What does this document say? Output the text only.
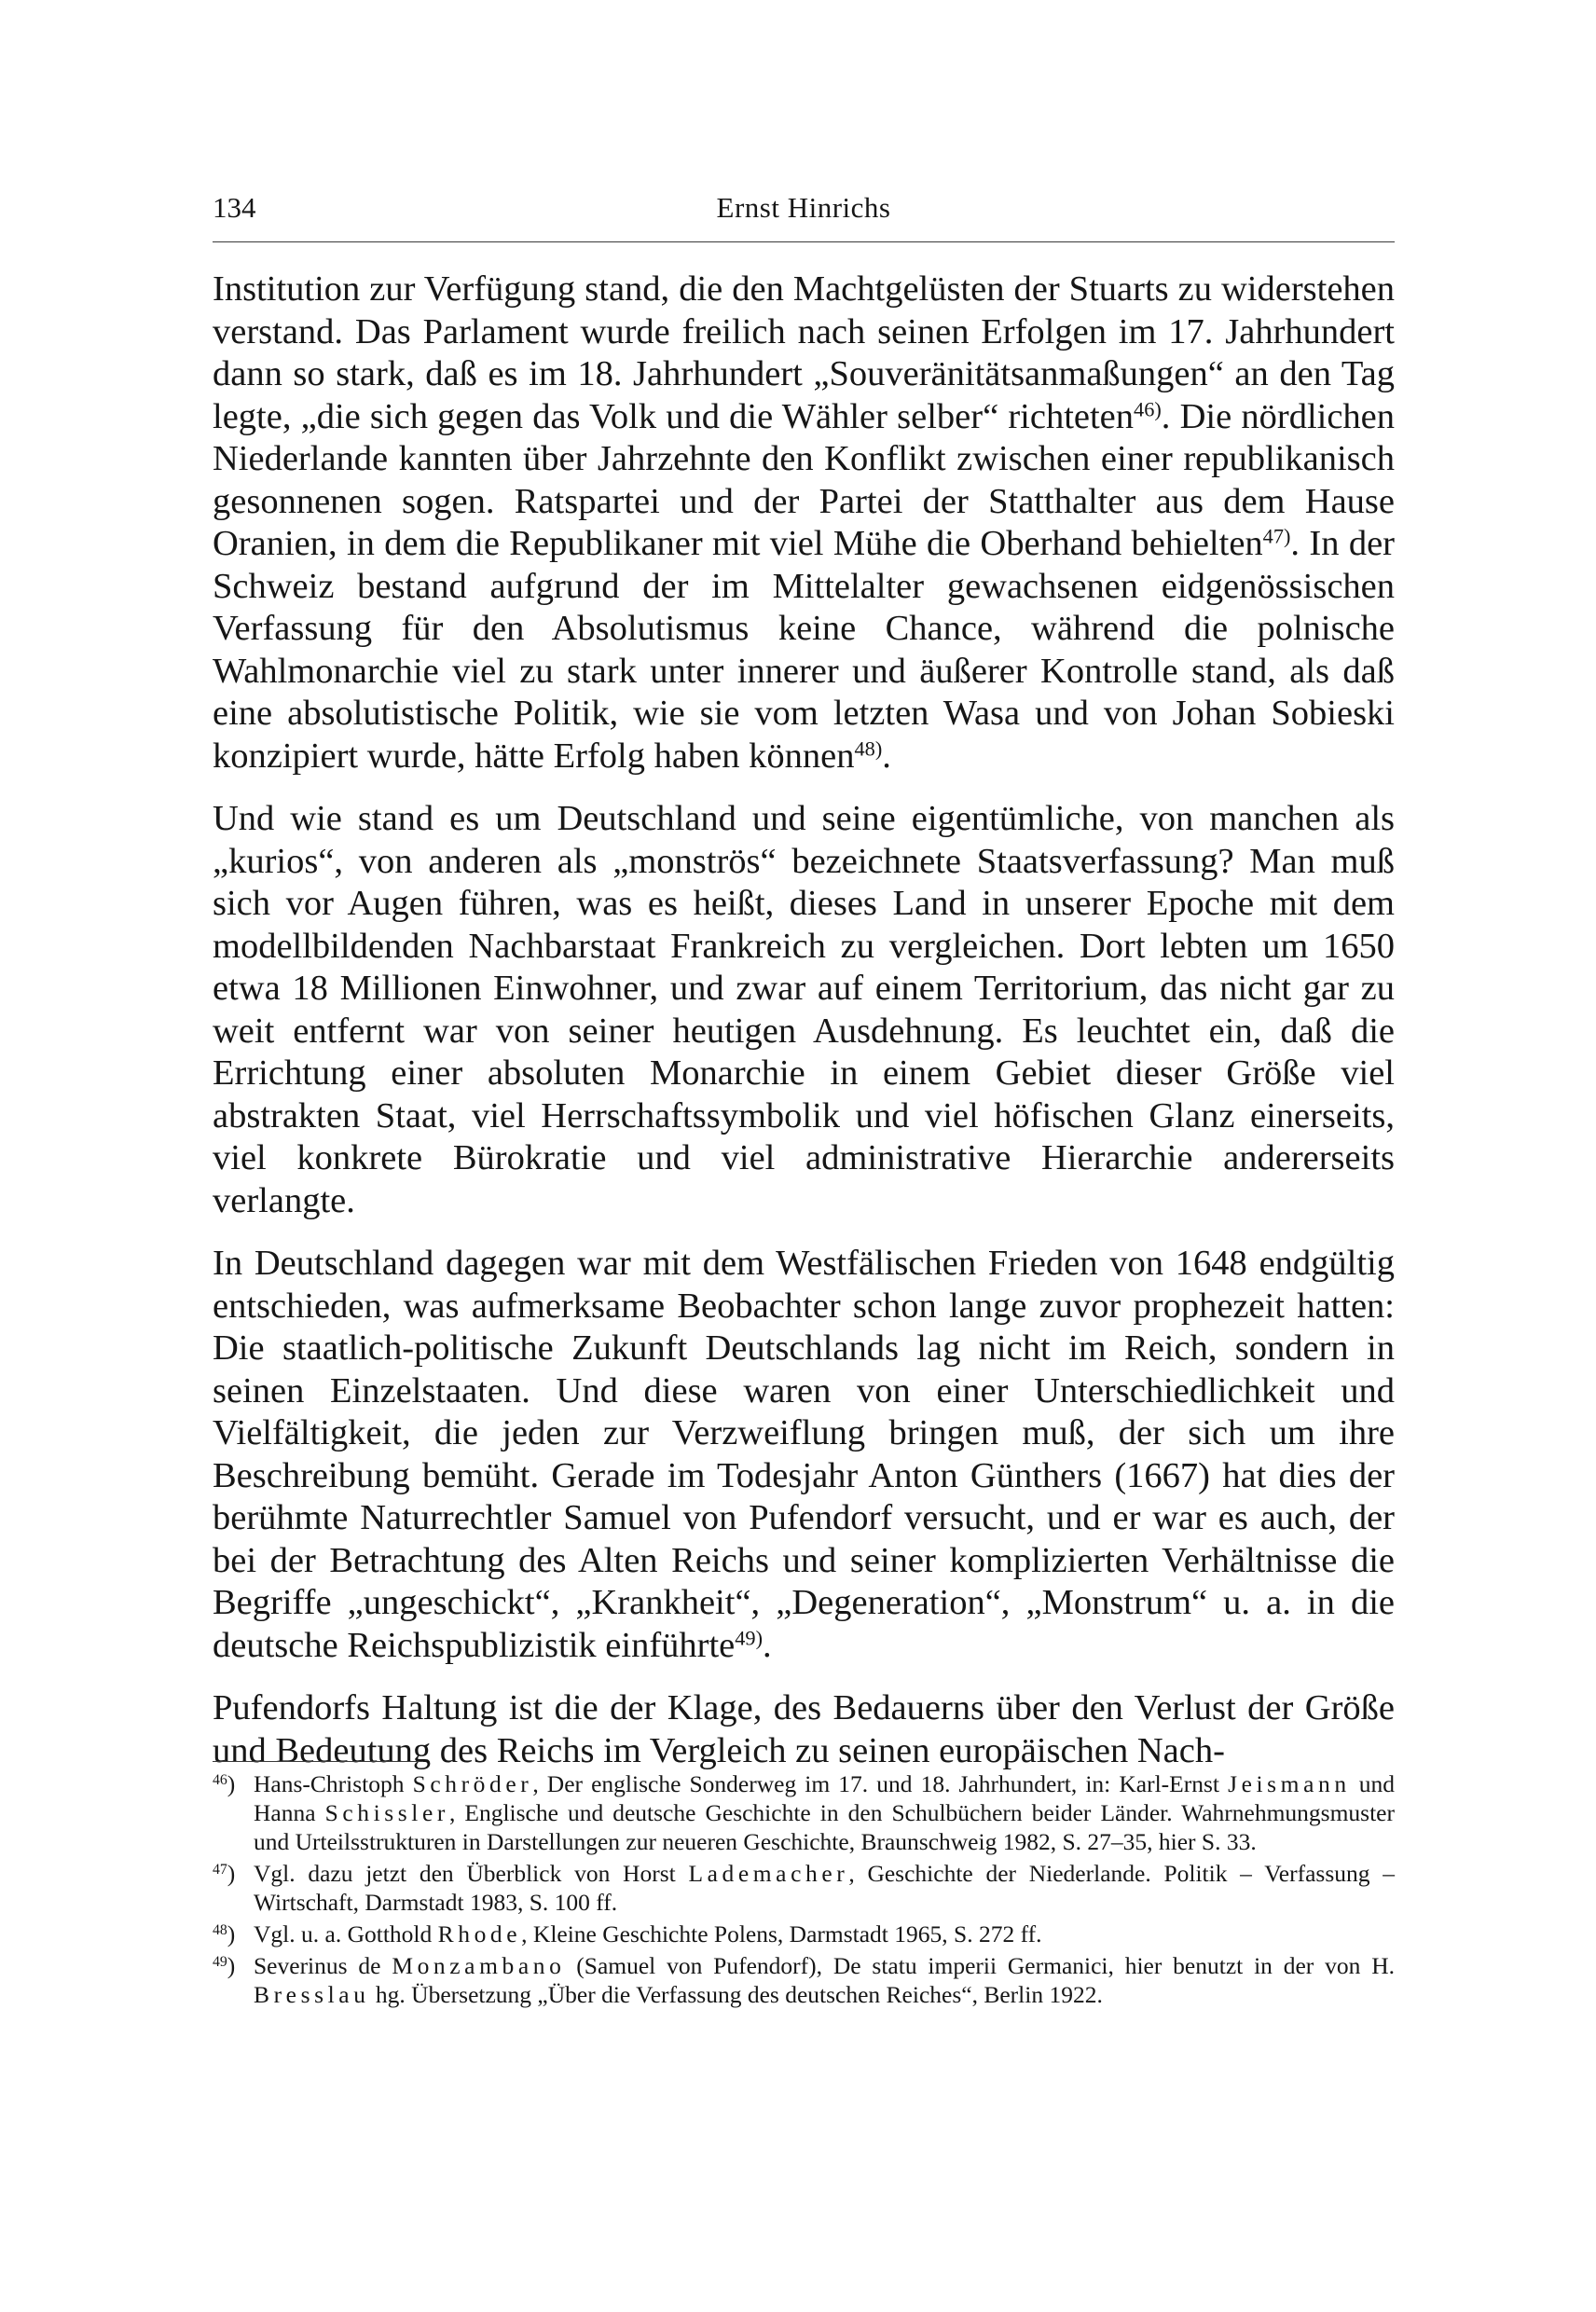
134	Ernst Hinrichs

Institution zur Verfügung stand, die den Machtgelüsten der Stuarts zu widerstehen verstand. Das Parlament wurde freilich nach seinen Erfolgen im 17. Jahrhundert dann so stark, daß es im 18. Jahrhundert „Souveränitätsanmaßungen“ an den Tag legte, „die sich gegen das Volk und die Wähler selber“ richteten$^{46)}$. Die nördlichen Niederlande kannten über Jahrzehnte den Konflikt zwischen einer republikanisch gesonnenen sogen. Ratspartei und der Partei der Statthalter aus dem Hause Oranien, in dem die Republikaner mit viel Mühe die Oberhand behielten$^{47)}$. In der Schweiz bestand aufgrund der im Mittelalter gewachsenen eidgenössischen Verfassung für den Absolutismus keine Chance, während die polnische Wahlmonarchie viel zu stark unter innerer und äußerer Kontrolle stand, als daß eine absolutistische Politik, wie sie vom letzten Wasa und von Johan Sobieski konzipiert wurde, hätte Erfolg haben können$^{48)}$.

Und wie stand es um Deutschland und seine eigentümliche, von manchen als „kurios“, von anderen als „monströs“ bezeichnete Staatsverfassung? Man muß sich vor Augen führen, was es heißt, dieses Land in unserer Epoche mit dem modellbildenden Nachbarstaat Frankreich zu vergleichen. Dort lebten um 1650 etwa 18 Millionen Einwohner, und zwar auf einem Territorium, das nicht gar zu weit entfernt war von seiner heutigen Ausdehnung. Es leuchtet ein, daß die Errichtung einer absoluten Monarchie in einem Gebiet dieser Größe viel abstrakten Staat, viel Herrschaftssymbolik und viel höfischen Glanz einerseits, viel konkrete Bürokratie und viel administrative Hierarchie andererseits verlangte.

In Deutschland dagegen war mit dem Westfälischen Frieden von 1648 endgültig entschieden, was aufmerksame Beobachter schon lange zuvor prophezeit hatten: Die staatlich-politische Zukunft Deutschlands lag nicht im Reich, sondern in seinen Einzelstaaten. Und diese waren von einer Unterschiedlichkeit und Vielfältigkeit, die jeden zur Verzweiflung bringen muß, der sich um ihre Beschreibung bemüht. Gerade im Todesjahr Anton Günthers (1667) hat dies der berühmte Naturrechtler Samuel von Pufendorf versucht, und er war es auch, der bei der Betrachtung des Alten Reichs und seiner komplizierten Verhältnisse die Begriffe „ungeschickt“, „Krankheit“, „Degeneration“, „Monstrum“ u. a. in die deutsche Reichspublizistik einführte$^{49)}$.

Pufendorfs Haltung ist die der Klage, des Bedauerns über den Verlust der Größe und Bedeutung des Reichs im Vergleich zu seinen europäischen Nach-

$^{46}$) Hans-Christoph Schröder, Der englische Sonderweg im 17. und 18. Jahrhundert, in: Karl-Ernst Jeismann und Hanna Schissler, Englische und deutsche Geschichte in den Schulbüchern beider Länder. Wahrnehmungsmuster und Urteilsstrukturen in Darstellungen zur neueren Geschichte, Braunschweig 1982, S. 27–35, hier S. 33.
$^{47}$) Vgl. dazu jetzt den Überblick von Horst Lademacher, Geschichte der Niederlande. Politik – Verfassung – Wirtschaft, Darmstadt 1983, S. 100 ff.
$^{48}$) Vgl. u. a. Gotthold Rhode, Kleine Geschichte Polens, Darmstadt 1965, S. 272 ff.
$^{49}$) Severinus de Monzambano (Samuel von Pufendorf), De statu imperii Germanici, hier benutzt in der von H. Bresslau hg. Übersetzung „Über die Verfassung des deutschen Reiches“, Berlin 1922.
